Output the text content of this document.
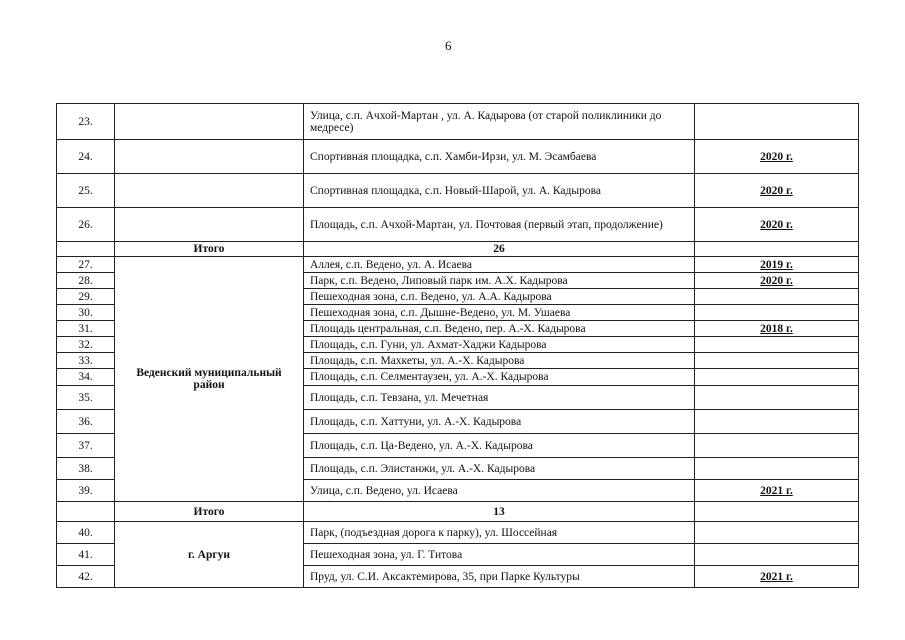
6
23.		Улица, с.п. Ачхой-Мартан , ул. А. Кадырова (от старой поликлиники до медресе)	
24.		Спортивная площадка, с.п. Хамби-Ирзи, ул. М. Эсамбаева	2020 г.
25.		Спортивная площадка, с.п. Новый-Шарой, ул. А. Кадырова	2020 г.
26.		Площадь, с.п. Ачхой-Мартан, ул. Почтовая (первый этап, продолжение)	2020 г.
	Итого	26	
27.	Веденский муниципальный район	Аллея, с.п. Ведено, ул. А. Исаева	2019 г.
28.		Парк, с.п. Ведено, Липовый парк им. А.Х. Кадырова	2020 г.
29.		Пешеходная зона, с.п. Ведено, ул. А.А. Кадырова	
30.		Пешеходная зона, с.п. Дышне-Ведено, ул. М. Ушаева	
31.		Площадь центральная, с.п. Ведено, пер. А.-Х. Кадырова	2018 г.
32.		Площадь, с.п. Гуни, ул. Ахмат-Хаджи Кадырова	
33.		Площадь, с.п. Махкеты, ул. А.-Х. Кадырова	
34.		Площадь, с.п. Селментаузен, ул. А.-Х. Кадырова	
35.		Площадь, с.п. Тевзана, ул. Мечетная	
36.		Площадь, с.п. Хаттуни, ул. А.-Х. Кадырова	
37.		Площадь, с.п. Ца-Ведено, ул. А.-Х. Кадырова	
38.		Площадь, с.п. Элистанжи, ул. А.-Х. Кадырова	
39.		Улица, с.п. Ведено, ул. Исаева	2021 г.
	Итого	13	
40.	г. Аргун	Парк, (подъездная дорога к парку), ул. Шоссейная	
41.		Пешеходная зона, ул. Г. Титова	
42.		Пруд, ул. С.И. Аксактемирова, 35, при Парке Культуры	2021 г.
